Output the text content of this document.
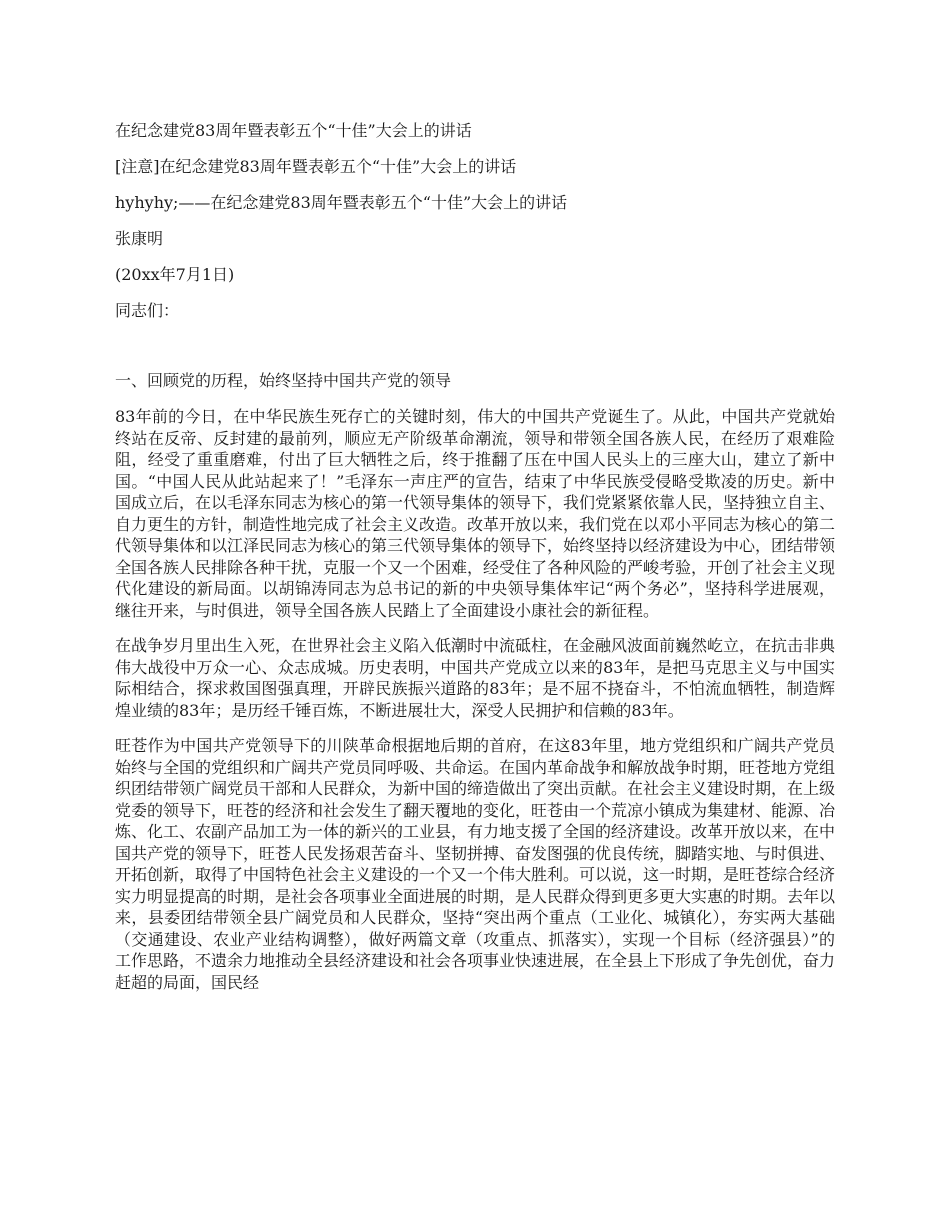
在纪念建党83周年暨表彰五个“十佳”大会上的讲话
[注意]在纪念建党83周年暨表彰五个“十佳”大会上的讲话
hyhyhy;——在纪念建党83周年暨表彰五个“十佳”大会上的讲话
张康明
(20xx年7月1日)
同志们：
一、回顾党的历程，始终坚持中国共产党的领导

83年前的今日，在中华民族生死存亡的关键时刻，伟大的中国共产党诞生了。从此，中国共产党就始终站在反帝、反封建的最前列，顺应无产阶级革命潮流，领导和带领全国各族人民，在经历了艰难险阻，经受了重重磨难，付出了巨大牺牲之后，终于推翻了压在中国人民头上的三座大山，建立了新中国。“中国人民从此站起来了！”毛泽东一声庄严的宣告，结束了中华民族受侵略受欺凌的历史。新中国成立后，在以毛泽东同志为核心的第一代领导集体的领导下，我们党紧紧依靠人民，坚持独立自主、自力更生的方针，制造性地完成了社会主义改造。改革开放以来，我们党在以邓小平同志为核心的第二代领导集体和以江泽民同志为核心的第三代领导集体的领导下，始终坚持以经济建设为中心，团结带领全国各族人民排除各种干扰，克服一个又一个困难，经受住了各种风险的严峻考验，开创了社会主义现代化建设的新局面。以胡锦涛同志为总书记的新的中央领导集体牢记“两个务必”，坚持科学进展观，继往开来，与时俱进，领导全国各族人民踏上了全面建设小康社会的新征程。

在战争岁月里出生入死，在世界社会主义陷入低潮时中流砥柱，在金融风波面前巍然屹立，在抗击非典伟大战役中万众一心、众志成城。历史表明，中国共产党成立以来的83年，是把马克思主义与中国实际相结合，探求救国图强真理，开辟民族振兴道路的83年；是不屈不挠奋斗，不怕流血牺牲，制造辉煌业绩的83年；是历经千锤百炼，不断进展壮大，深受人民拥护和信赖的83年。

旺苍作为中国共产党领导下的川陕革命根据地后期的首府，在这83年里，地方党组织和广阔共产党员始终与全国的党组织和广阔共产党员同呼吸、共命运。在国内革命战争和解放战争时期，旺苍地方党组织团结带领广阔党员干部和人民群众，为新中国的缔造做出了突出贡献。在社会主义建设时期，在上级党委的领导下，旺苍的经济和社会发生了翻天覆地的变化，旺苍由一个荒凉小镇成为集建材、能源、冶炼、化工、农副产品加工为一体的新兴的工业县，有力地支援了全国的经济建设。改革开放以来，在中国共产党的领导下，旺苍人民发扬艰苦奋斗、坚韧拼搏、奋发图强的优良传统，脚踏实地、与时俱进、开拓创新，取得了中国特色社会主义建设的一个又一个伟大胜利。可以说，这一时期，是旺苍综合经济实力明显提高的时期，是社会各项事业全面进展的时期，是人民群众得到更多更大实惠的时期。去年以来，县委团结带领全县广阔党员和人民群众，坚持“突出两个重点（工业化、城镇化），夯实两大基础（交通建设、农业产业结构调整），做好两篇文章（攻重点、抓落实），实现一个目标（经济强县）”的工作思路，不遗余力地推动全县经济建设和社会各项事业快速进展，在全县上下形成了争先创优，奋力赶超的局面，国民经
